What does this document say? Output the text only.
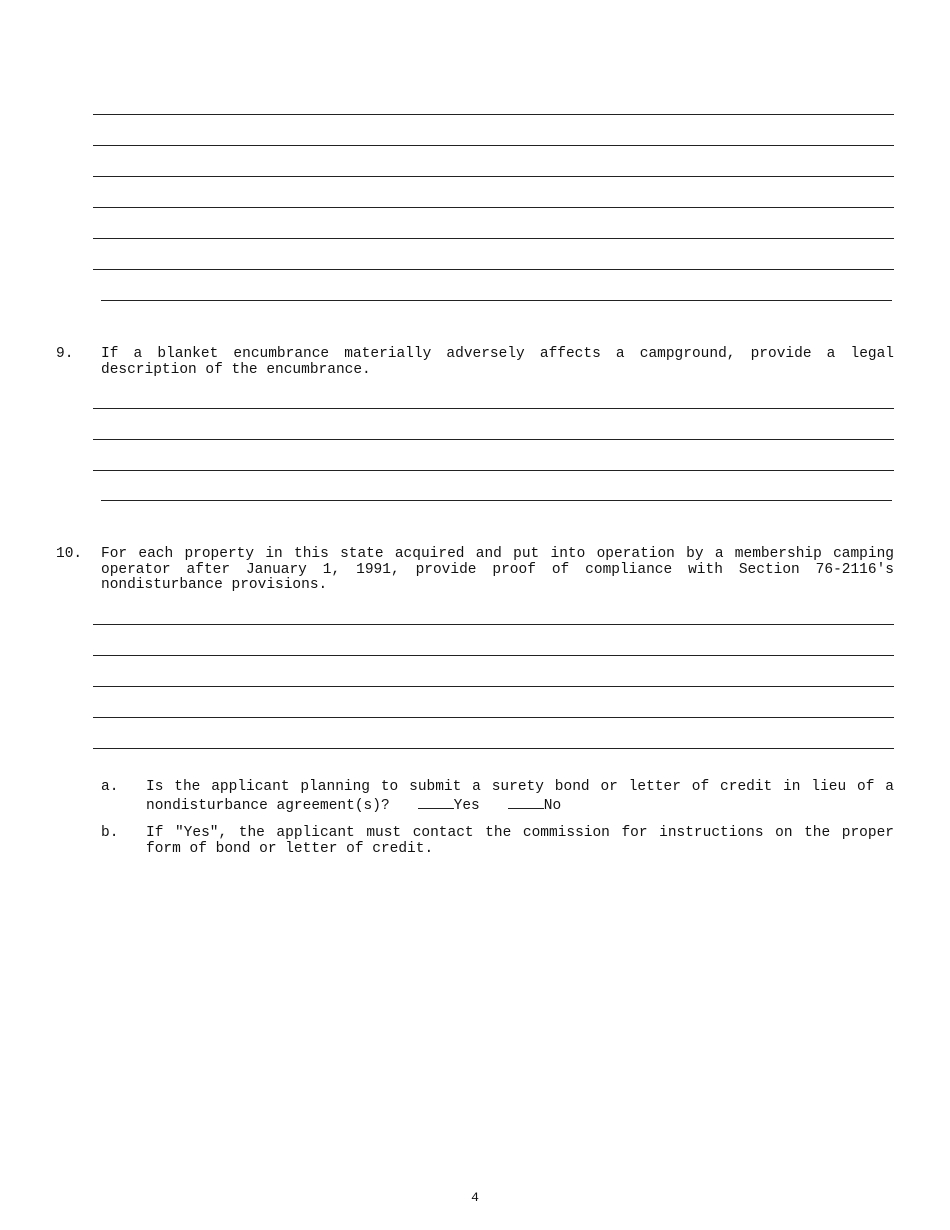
9. If a blanket encumbrance materially adversely affects a campground, provide a legal description of the encumbrance.
10. For each property in this state acquired and put into operation by a membership camping operator after January 1, 1991, provide proof of compliance with Section 76-2116's nondisturbance provisions.
a. Is the applicant planning to submit a surety bond or letter of credit in lieu of a nondisturbance agreement(s)?	Yes	No
b. If "Yes", the applicant must contact the commission for instructions on the proper form of bond or letter of credit.
4
